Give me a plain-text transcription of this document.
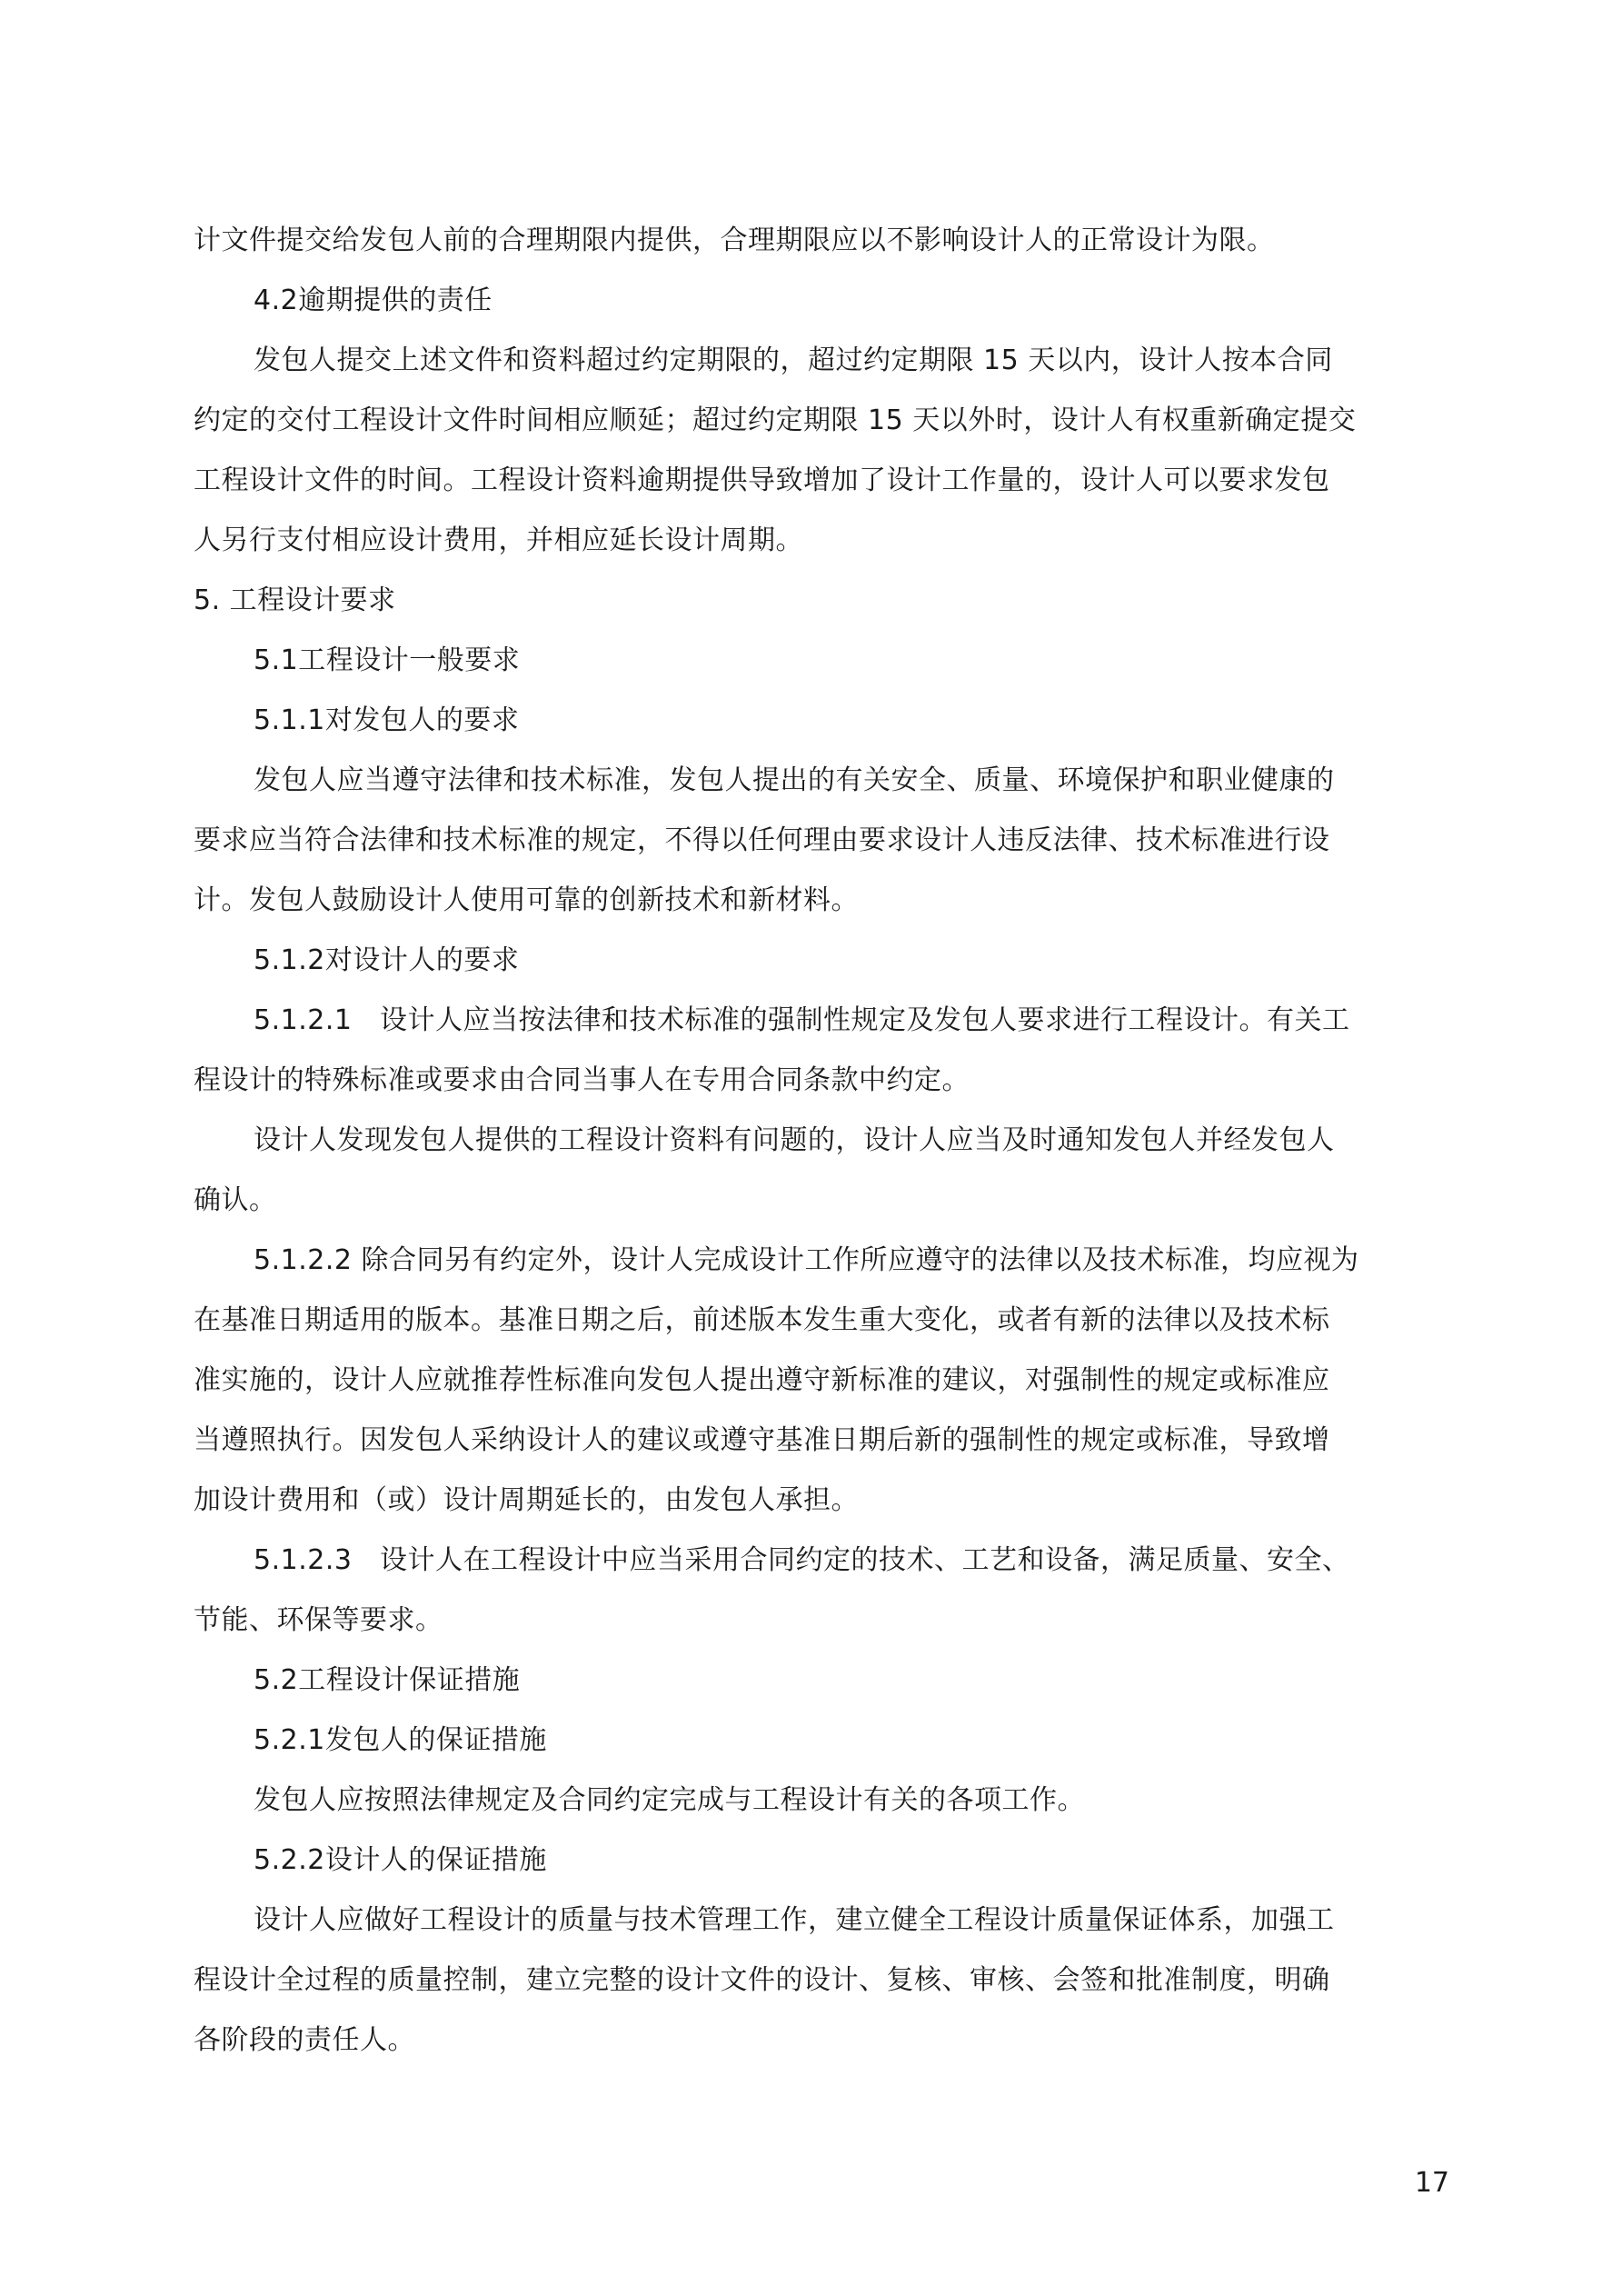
计文件提交给发包人前的合理期限内提供，合理期限应以不影响设计人的正常设计为限。
4.2逾期提供的责任
发包人提交上述文件和资料超过约定期限的，超过约定期限 15 天以内，设计人按本合同
约定的交付工程设计文件时间相应顺延；超过约定期限 15 天以外时，设计人有权重新确定提交
工程设计文件的时间。工程设计资料逾期提供导致增加了设计工作量的，设计人可以要求发包
人另行支付相应设计费用，并相应延长设计周期。
5. 工程设计要求
5.1工程设计一般要求
5.1.1对发包人的要求
发包人应当遵守法律和技术标准，发包人提出的有关安全、质量、环境保护和职业健康的
要求应当符合法律和技术标准的规定，不得以任何理由要求设计人违反法律、技术标准进行设
计。发包人鼓励设计人使用可靠的创新技术和新材料。
5.1.2对设计人的要求
5.1.2.1　设计人应当按法律和技术标准的强制性规定及发包人要求进行工程设计。有关工
程设计的特殊标准或要求由合同当事人在专用合同条款中约定。
设计人发现发包人提供的工程设计资料有问题的，设计人应当及时通知发包人并经发包人
确认。
5.1.2.2 除合同另有约定外，设计人完成设计工作所应遵守的法律以及技术标准，均应视为
在基准日期适用的版本。基准日期之后，前述版本发生重大变化，或者有新的法律以及技术标
准实施的，设计人应就推荐性标准向发包人提出遵守新标准的建议，对强制性的规定或标准应
当遵照执行。因发包人采纳设计人的建议或遵守基准日期后新的强制性的规定或标准，导致增
加设计费用和（或）设计周期延长的，由发包人承担。
5.1.2.3　设计人在工程设计中应当采用合同约定的技术、工艺和设备，满足质量、安全、
节能、环保等要求。
5.2工程设计保证措施
5.2.1发包人的保证措施
发包人应按照法律规定及合同约定完成与工程设计有关的各项工作。
5.2.2设计人的保证措施
设计人应做好工程设计的质量与技术管理工作，建立健全工程设计质量保证体系，加强工
程设计全过程的质量控制，建立完整的设计文件的设计、复核、审核、会签和批准制度，明确
各阶段的责任人。
17
